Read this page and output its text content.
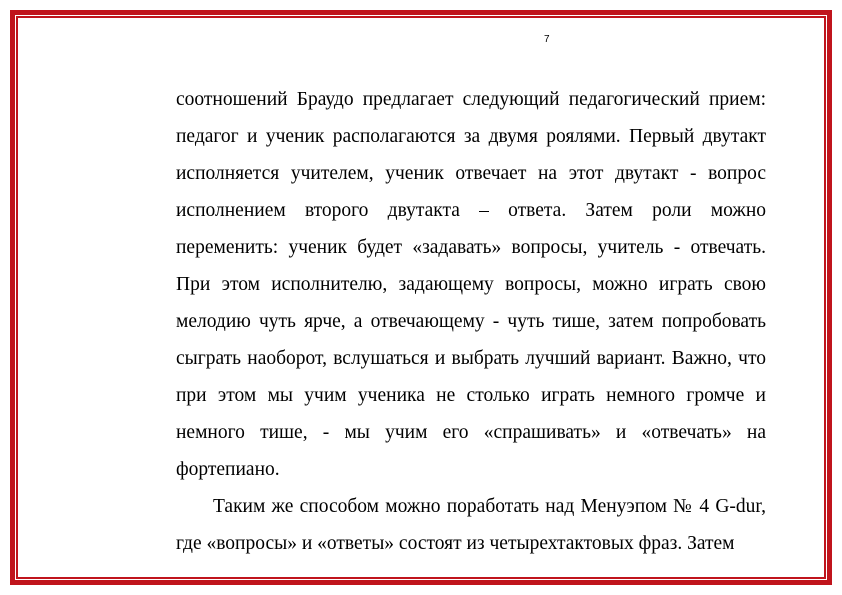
7

соотношений Браудо предлагает следующий педагогический прием: педагог и ученик располагаются за двумя роялями. Первый двутакт исполняется учителем, ученик отвечает на этот двутакт - вопрос исполнением второго двутакта – ответа. Затем роли можно переменить: ученик будет «задавать» вопросы, учитель - отвечать. При этом исполнителю, задающему вопросы, можно играть свою мелодию чуть ярче, а отвечающему - чуть тише, затем попробовать сыграть наоборот, вслушаться и выбрать лучший вариант. Важно, что при этом мы учим ученика не столько играть немного громче и немного тише, - мы учим его «спрашивать» и «отвечать» на фортепиано.

Таким же способом можно поработать над Менуэпом № 4 G-dur, где «вопросы» и «ответы» состоят из четырехтактовых фраз. Затем
